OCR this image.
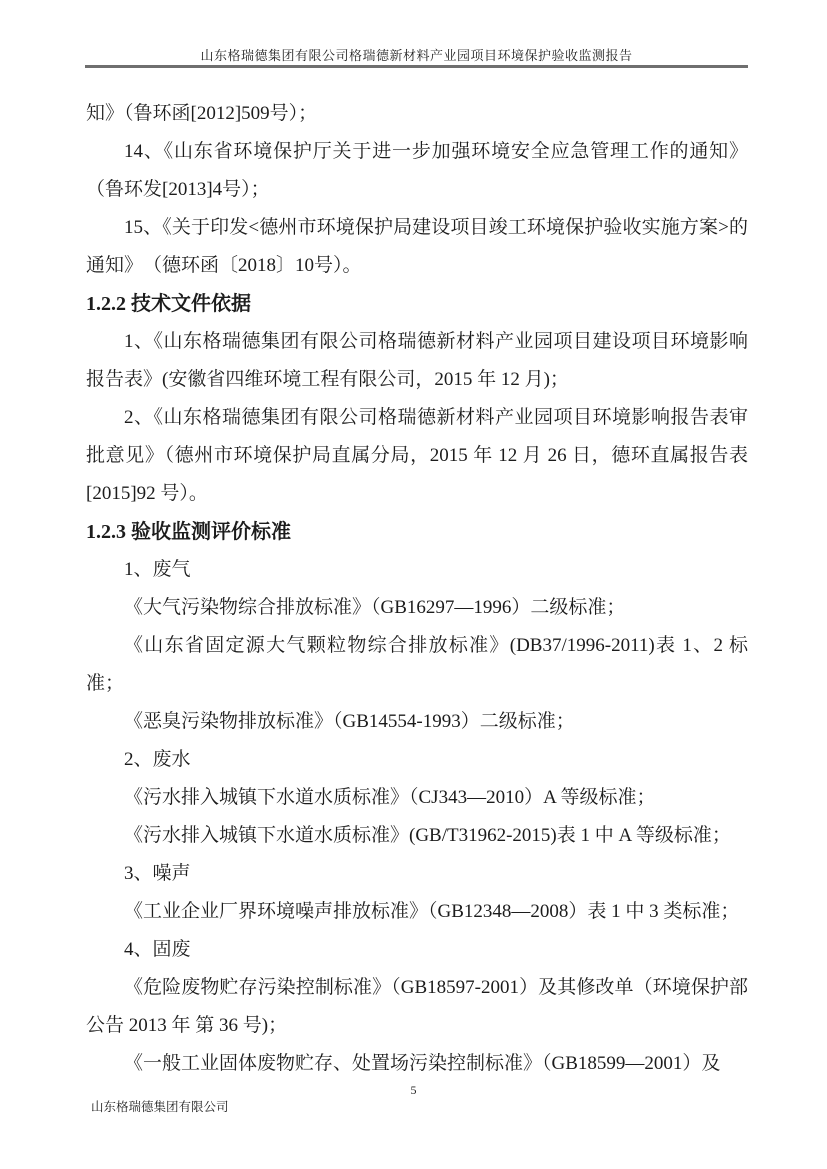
山东格瑞德集团有限公司格瑞德新材料产业园项目环境保护验收监测报告

知》（鲁环函[2012]509号）；

14、《山东省环境保护厅关于进一步加强环境安全应急管理工作的通知》（鲁环发[2013]4号）；

15、《关于印发<德州市环境保护局建设项目竣工环境保护验收实施方案>的通知》　（德环函〔2018〕10号）。

1.2.2 技术文件依据

1、《山东格瑞德集团有限公司格瑞德新材料产业园项目建设项目环境影响报告表》(安徽省四维环境工程有限公司，2015 年 12 月)；

2、《山东格瑞德集团有限公司格瑞德新材料产业园项目环境影响报告表审批意见》（德州市环境保护局直属分局，2015 年 12 月 26 日，德环直属报告表[2015]92 号）。

1.2.3 验收监测评价标准

1、废气

《大气污染物综合排放标准》（GB16297—1996）二级标准；

《山东省固定源大气颗粒物综合排放标准》(DB37/1996-2011)表 1、2 标准；

《恶臭污染物排放标准》（GB14554-1993）二级标准；

2、废水

《污水排入城镇下水道水质标准》（CJ343—2010）A 等级标准；

《污水排入城镇下水道水质标准》(GB/T31962-2015)表 1 中 A 等级标准；

3、噪声

《工业企业厂界环境噪声排放标准》（GB12348—2008）表 1 中 3 类标准；

4、固废

《危险废物贮存污染控制标准》（GB18597-2001）及其修改单（环境保护部公告 2013 年 第 36 号)；

《一般工业固体废物贮存、处置场污染控制标准》（GB18599—2001）及

5
山东格瑞德集团有限公司
